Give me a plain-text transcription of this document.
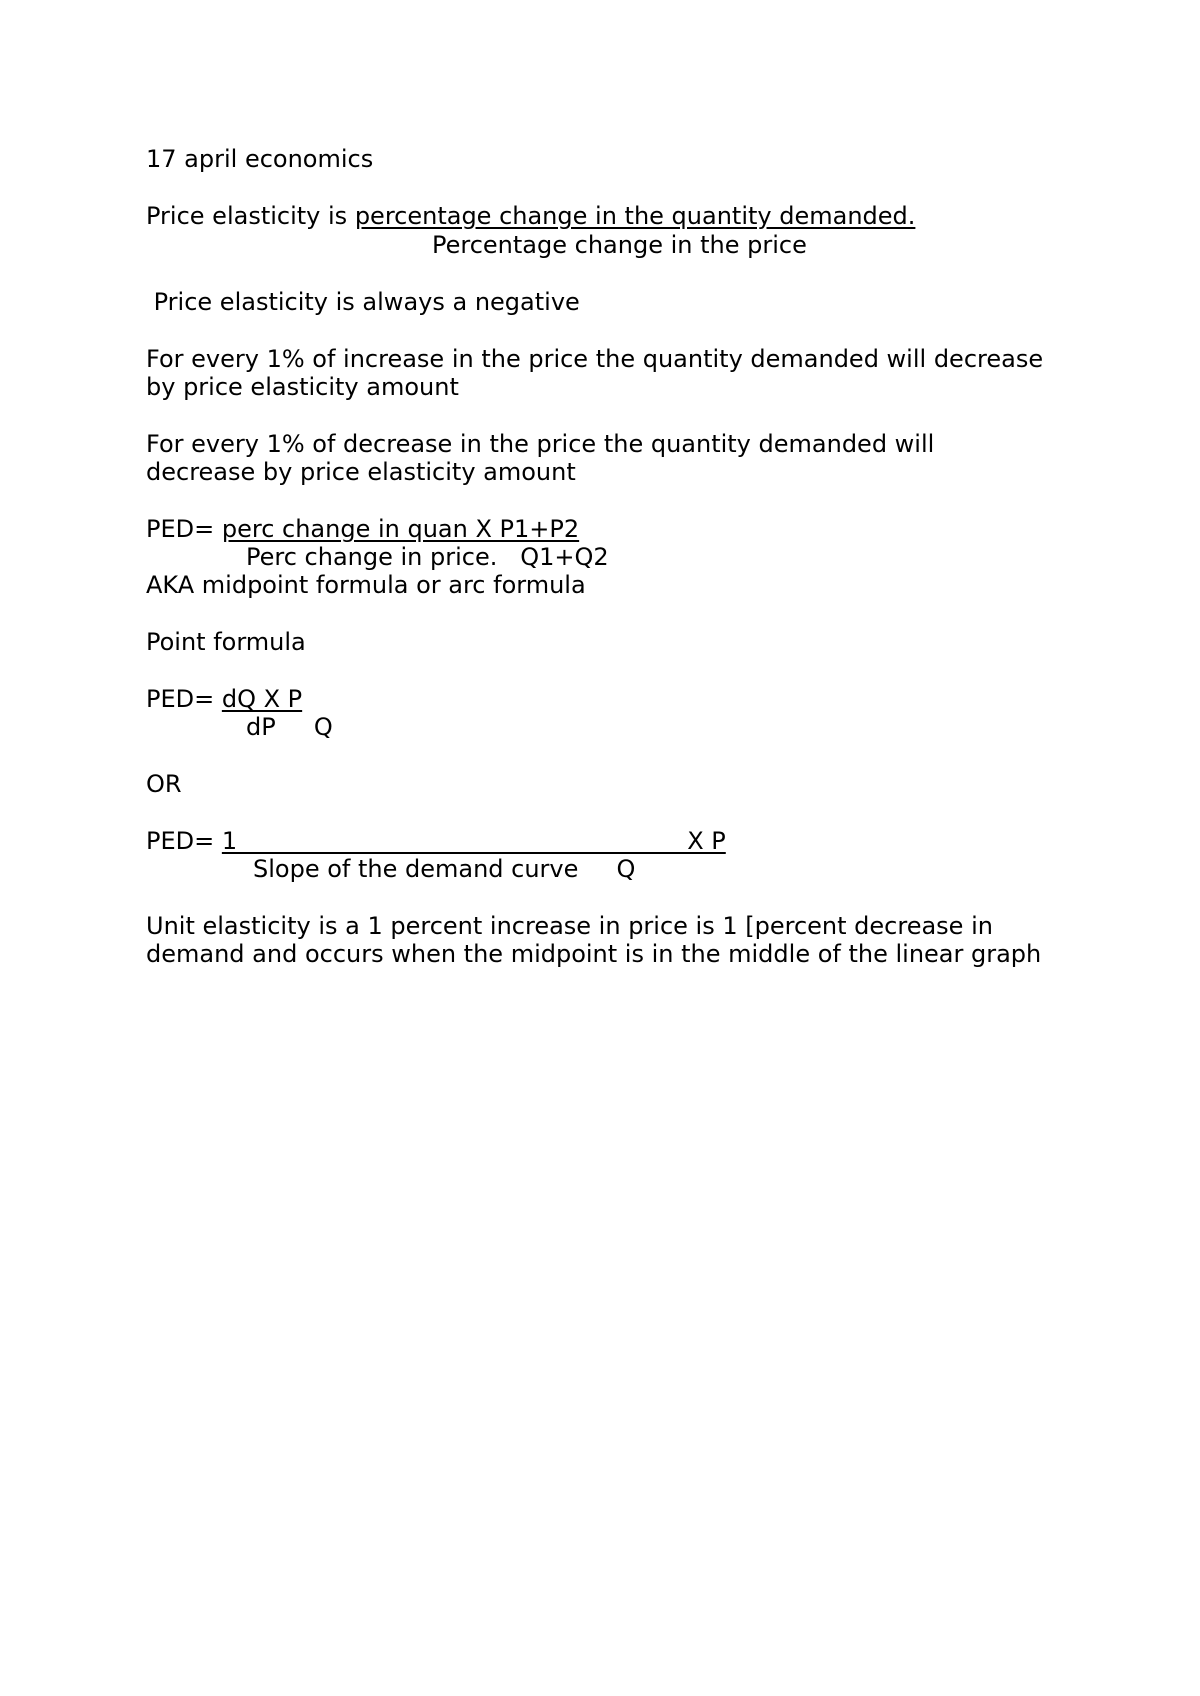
17 april economics
Price elasticity is percentage change in the quantity demanded.
Percentage change in the price
Price elasticity is always a negative
For every 1% of increase in the price the quantity demanded will decrease
by price elasticity amount
For every 1% of decrease in the price the quantity demanded will
decrease by price elasticity amount
PED= perc change in quan X P1+P2
Perc change in price.   Q1+Q2
AKA midpoint formula or arc formula
Point formula
PED= dQ X P
dP     Q
OR
PED= 1                                                           X P
Slope of the demand curve     Q
Unit elasticity is a 1 percent increase in price is 1 [percent decrease in
demand and occurs when the midpoint is in the middle of the linear graph
